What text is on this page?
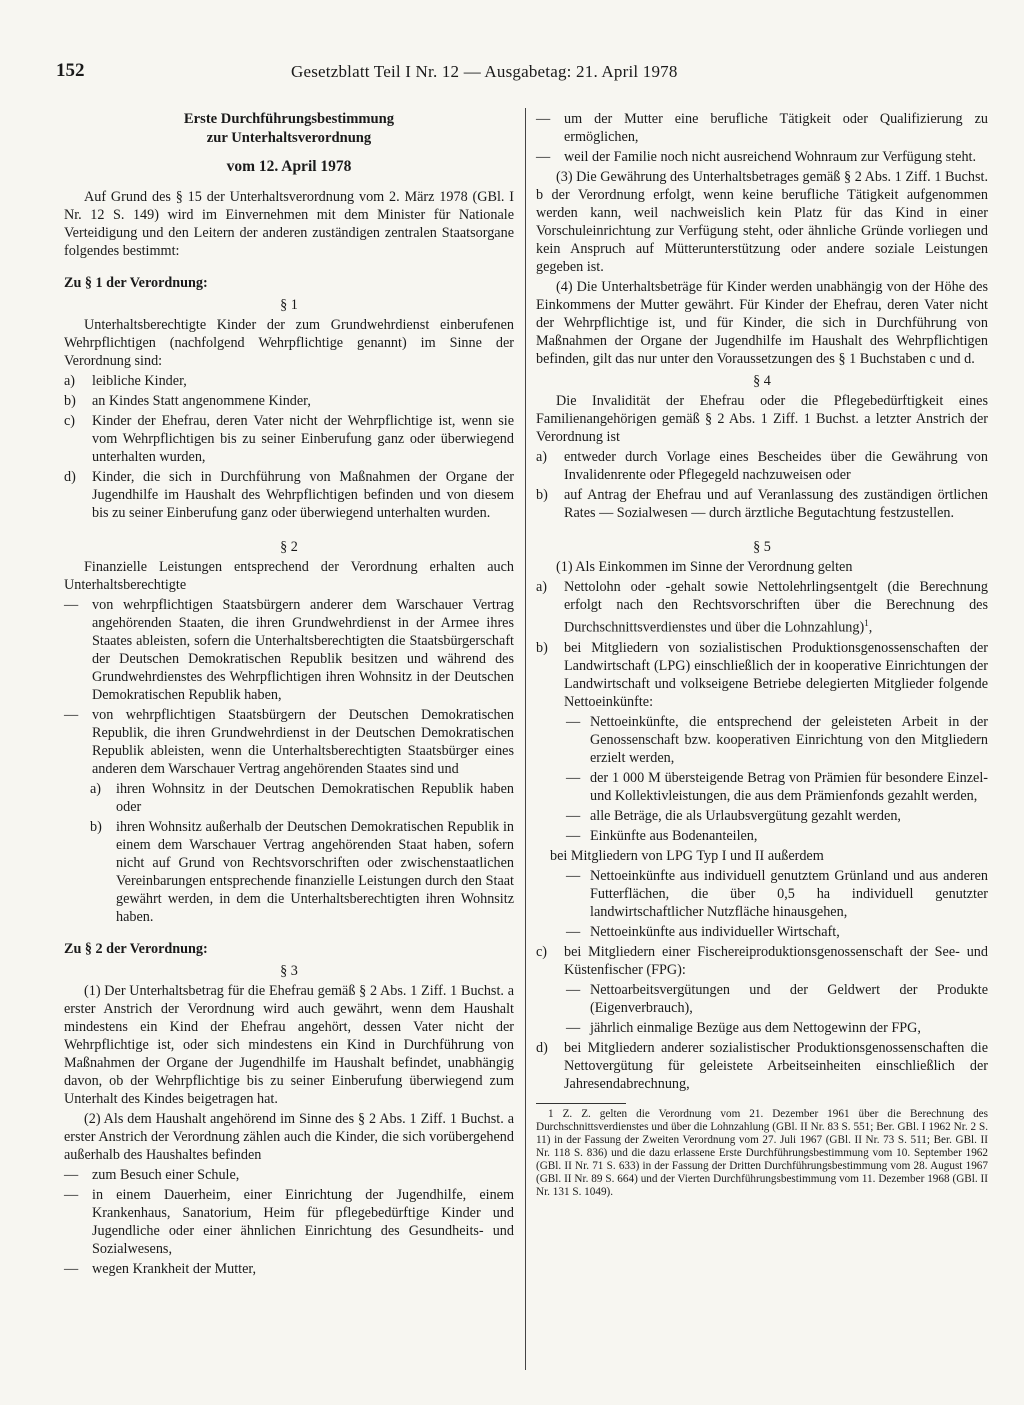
152	Gesetzblatt Teil I Nr. 12 — Ausgabetag: 21. April 1978
Erste Durchführungsbestimmung
zur Unterhaltsverordnung
vom 12. April 1978

Auf Grund des § 15 der Unterhaltsverordnung vom 2. März 1978 (GBl. I Nr. 12 S. 149) wird im Einvernehmen mit dem Minister für Nationale Verteidigung und den Leitern der anderen zuständigen zentralen Staatsorgane folgendes bestimmt:

Zu § 1 der Verordnung:
§ 1

Unterhaltsberechtigte Kinder der zum Grundwehrdienst einberufenen Wehrpflichtigen (nachfolgend Wehrpflichtige genannt) im Sinne der Verordnung sind:

a)	leibliche Kinder,
b)	an Kindes Statt angenommene Kinder,
c)	Kinder der Ehefrau, deren Vater nicht der Wehrpflichtige ist, wenn sie vom Wehrpflichtigen bis zu seiner Einberufung ganz oder überwiegend unterhalten wurden,
d)	Kinder, die sich in Durchführung von Maßnahmen der Organe der Jugendhilfe im Haushalt des Wehrpflichtigen befinden und von diesem bis zu seiner Einberufung ganz oder überwiegend unterhalten wurden.
§ 2

Finanzielle Leistungen entsprechend der Verordnung erhalten auch Unterhaltsberechtigte

— von wehrpflichtigen Staatsbürgern anderer dem Warschauer Vertrag angehörenden Staaten, die ihren Grundwehrdienst in der Armee ihres Staates ableisten, sofern die Unterhaltsberechtigten die Staatsbürgerschaft der Deutschen Demokratischen Republik besitzen und während des Grundwehrdienstes des Wehrpflichtigen ihren Wohnsitz in der Deutschen Demokratischen Republik haben,
— von wehrpflichtigen Staatsbürgern der Deutschen Demokratischen Republik, die ihren Grundwehrdienst in der Deutschen Demokratischen Republik ableisten, wenn die Unterhaltsberechtigten Staatsbürger eines anderen dem Warschauer Vertrag angehörenden Staates sind und
a)	ihren Wohnsitz in der Deutschen Demokratischen Republik haben oder
b) ihren Wohnsitz außerhalb der Deutschen Demokratischen Republik in einem dem Warschauer Vertrag angehörenden Staat haben, sofern nicht auf Grund von Rechtsvorschriften oder zwischenstaatlichen Vereinbarungen entsprechende finanzielle Leistungen durch den Staat gewährt werden, in dem die Unterhaltsberechtigten ihren Wohnsitz haben.
Zu § 2 der Verordnung:
§ 3

(1) Der Unterhaltsbetrag für die Ehefrau gemäß § 2 Abs. 1 Ziff. 1 Buchst. a erster Anstrich der Verordnung wird auch gewährt, wenn dem Haushalt mindestens ein Kind der Ehefrau angehört, dessen Vater nicht der Wehrpflichtige ist, oder sich mindestens ein Kind in Durchführung von Maßnahmen der Organe der Jugendhilfe im Haushalt befindet, unabhängig davon, ob der Wehrpflichtige bis zu seiner Einberufung überwiegend zum Unterhalt des Kindes beigetragen hat.

(2) Als dem Haushalt angehörend im Sinne des § 2 Abs. 1 Ziff. 1 Buchst. a erster Anstrich der Verordnung zählen auch die Kinder, die sich vorübergehend außerhalb des Haushaltes befinden

— zum Besuch einer Schule,
— in einem Dauerheim, einer Einrichtung der Jugendhilfe, einem Krankenhaus, Sanatorium, Heim für pflegebedürftige Kinder und Jugendliche oder einer ähnlichen Einrichtung des Gesundheits- und Sozialwesens,
— wegen Krankheit der Mutter,
— um der Mutter eine berufliche Tätigkeit oder Qualifizierung zu ermöglichen,
— weil der Familie noch nicht ausreichend Wohnraum zur Verfügung steht.

(3) Die Gewährung des Unterhaltsbetrages gemäß § 2 Abs. 1 Ziff. 1 Buchst. b der Verordnung erfolgt, wenn keine berufliche Tätigkeit aufgenommen werden kann, weil nachweislich kein Platz für das Kind in einer Vorschuleinrichtung zur Verfügung steht, oder ähnliche Gründe vorliegen und kein Anspruch auf Mütterunterstützung oder andere soziale Leistungen gegeben ist.

(4) Die Unterhaltsbeträge für Kinder werden unabhängig von der Höhe des Einkommens der Mutter gewährt. Für Kinder der Ehefrau, deren Vater nicht der Wehrpflichtige ist, und für Kinder, die sich in Durchführung von Maßnahmen der Organe der Jugendhilfe im Haushalt des Wehrpflichtigen befinden, gilt das nur unter den Voraussetzungen des § 1 Buchstaben c und d.

§ 4

Die Invalidität der Ehefrau oder die Pflegebedürftigkeit eines Familienangehörigen gemäß § 2 Abs. 1 Ziff. 1 Buchst. a letzter Anstrich der Verordnung ist

a)	entweder durch Vorlage eines Bescheides über die Gewährung von Invalidenrente oder Pflegegeld nachzuweisen oder
b)	auf Antrag der Ehefrau und auf Veranlassung des zuständigen örtlichen Rates — Sozialwesen — durch ärztliche Begutachtung festzustellen.
§ 5

(1) Als Einkommen im Sinne der Verordnung gelten

a)	Nettolohn oder -gehalt sowie Nettolehrlingsentgelt (die Berechnung erfolgt nach den Rechtsvorschriften über die Berechnung des Durchschnittsverdienstes und über die Lohnzahlung)$^1$,
b)	bei Mitgliedern von sozialistischen Produktionsgenossenschaften der Landwirtschaft (LPG) einschließlich der in kooperative Einrichtungen der Landwirtschaft und volkseigene Betriebe delegierten Mitglieder folgende Nettoeinkünfte:
— Nettoeinkünfte, die entsprechend der geleisteten Arbeit in der Genossenschaft bzw. kooperativen Einrichtung von den Mitgliedern erzielt werden,
— der 1 000 M übersteigende Betrag von Prämien für besondere Einzel- und Kollektivleistungen, die aus dem Prämienfonds gezahlt werden,
— alle Beträge, die als Urlaubsvergütung gezahlt werden,
— Einkünfte aus Bodenanteilen,

bei Mitgliedern von LPG Typ I und II außerdem

— Nettoeinkünfte aus individuell genutztem Grünland und aus anderen Futterflächen, die über 0,5 ha individuell genutzter landwirtschaftlicher Nutzfläche hinausgehen,
— Nettoeinkünfte aus individueller Wirtschaft,
c)	bei Mitgliedern einer Fischereiproduktionsgenossenschaft der See- und Küstenfischer (FPG):
— Nettoarbeitsvergütungen und der Geldwert der Produkte (Eigenverbrauch),
— jährlich einmalige Bezüge aus dem Nettogewinn der FPG,
d)	bei Mitgliedern anderer sozialistischer Produktionsgenossenschaften die Nettovergütung für geleistete Arbeitseinheiten einschließlich der Jahresendabrechnung,

1 Z. Z. gelten die Verordnung vom 21. Dezember 1961 über die Berechnung des Durchschnittsverdienstes und über die Lohnzahlung (GBl. II Nr. 83 S. 551; Ber. GBl. I 1962 Nr. 2 S. 11) in der Fassung der Zweiten Verordnung vom 27. Juli 1967 (GBl. II Nr. 73 S. 511; Ber. GBl. II Nr. 118 S. 836) und die dazu erlassene Erste Durchführungsbestimmung vom 10. September 1962 (GBl. II Nr. 71 S. 633) in der Fassung der Dritten Durchführungsbestimmung vom 28. August 1967 (GBl. II Nr. 89 S. 664) und der Vierten Durchführungsbestimmung vom 11. Dezember 1968 (GBl. II Nr. 131 S. 1049).
